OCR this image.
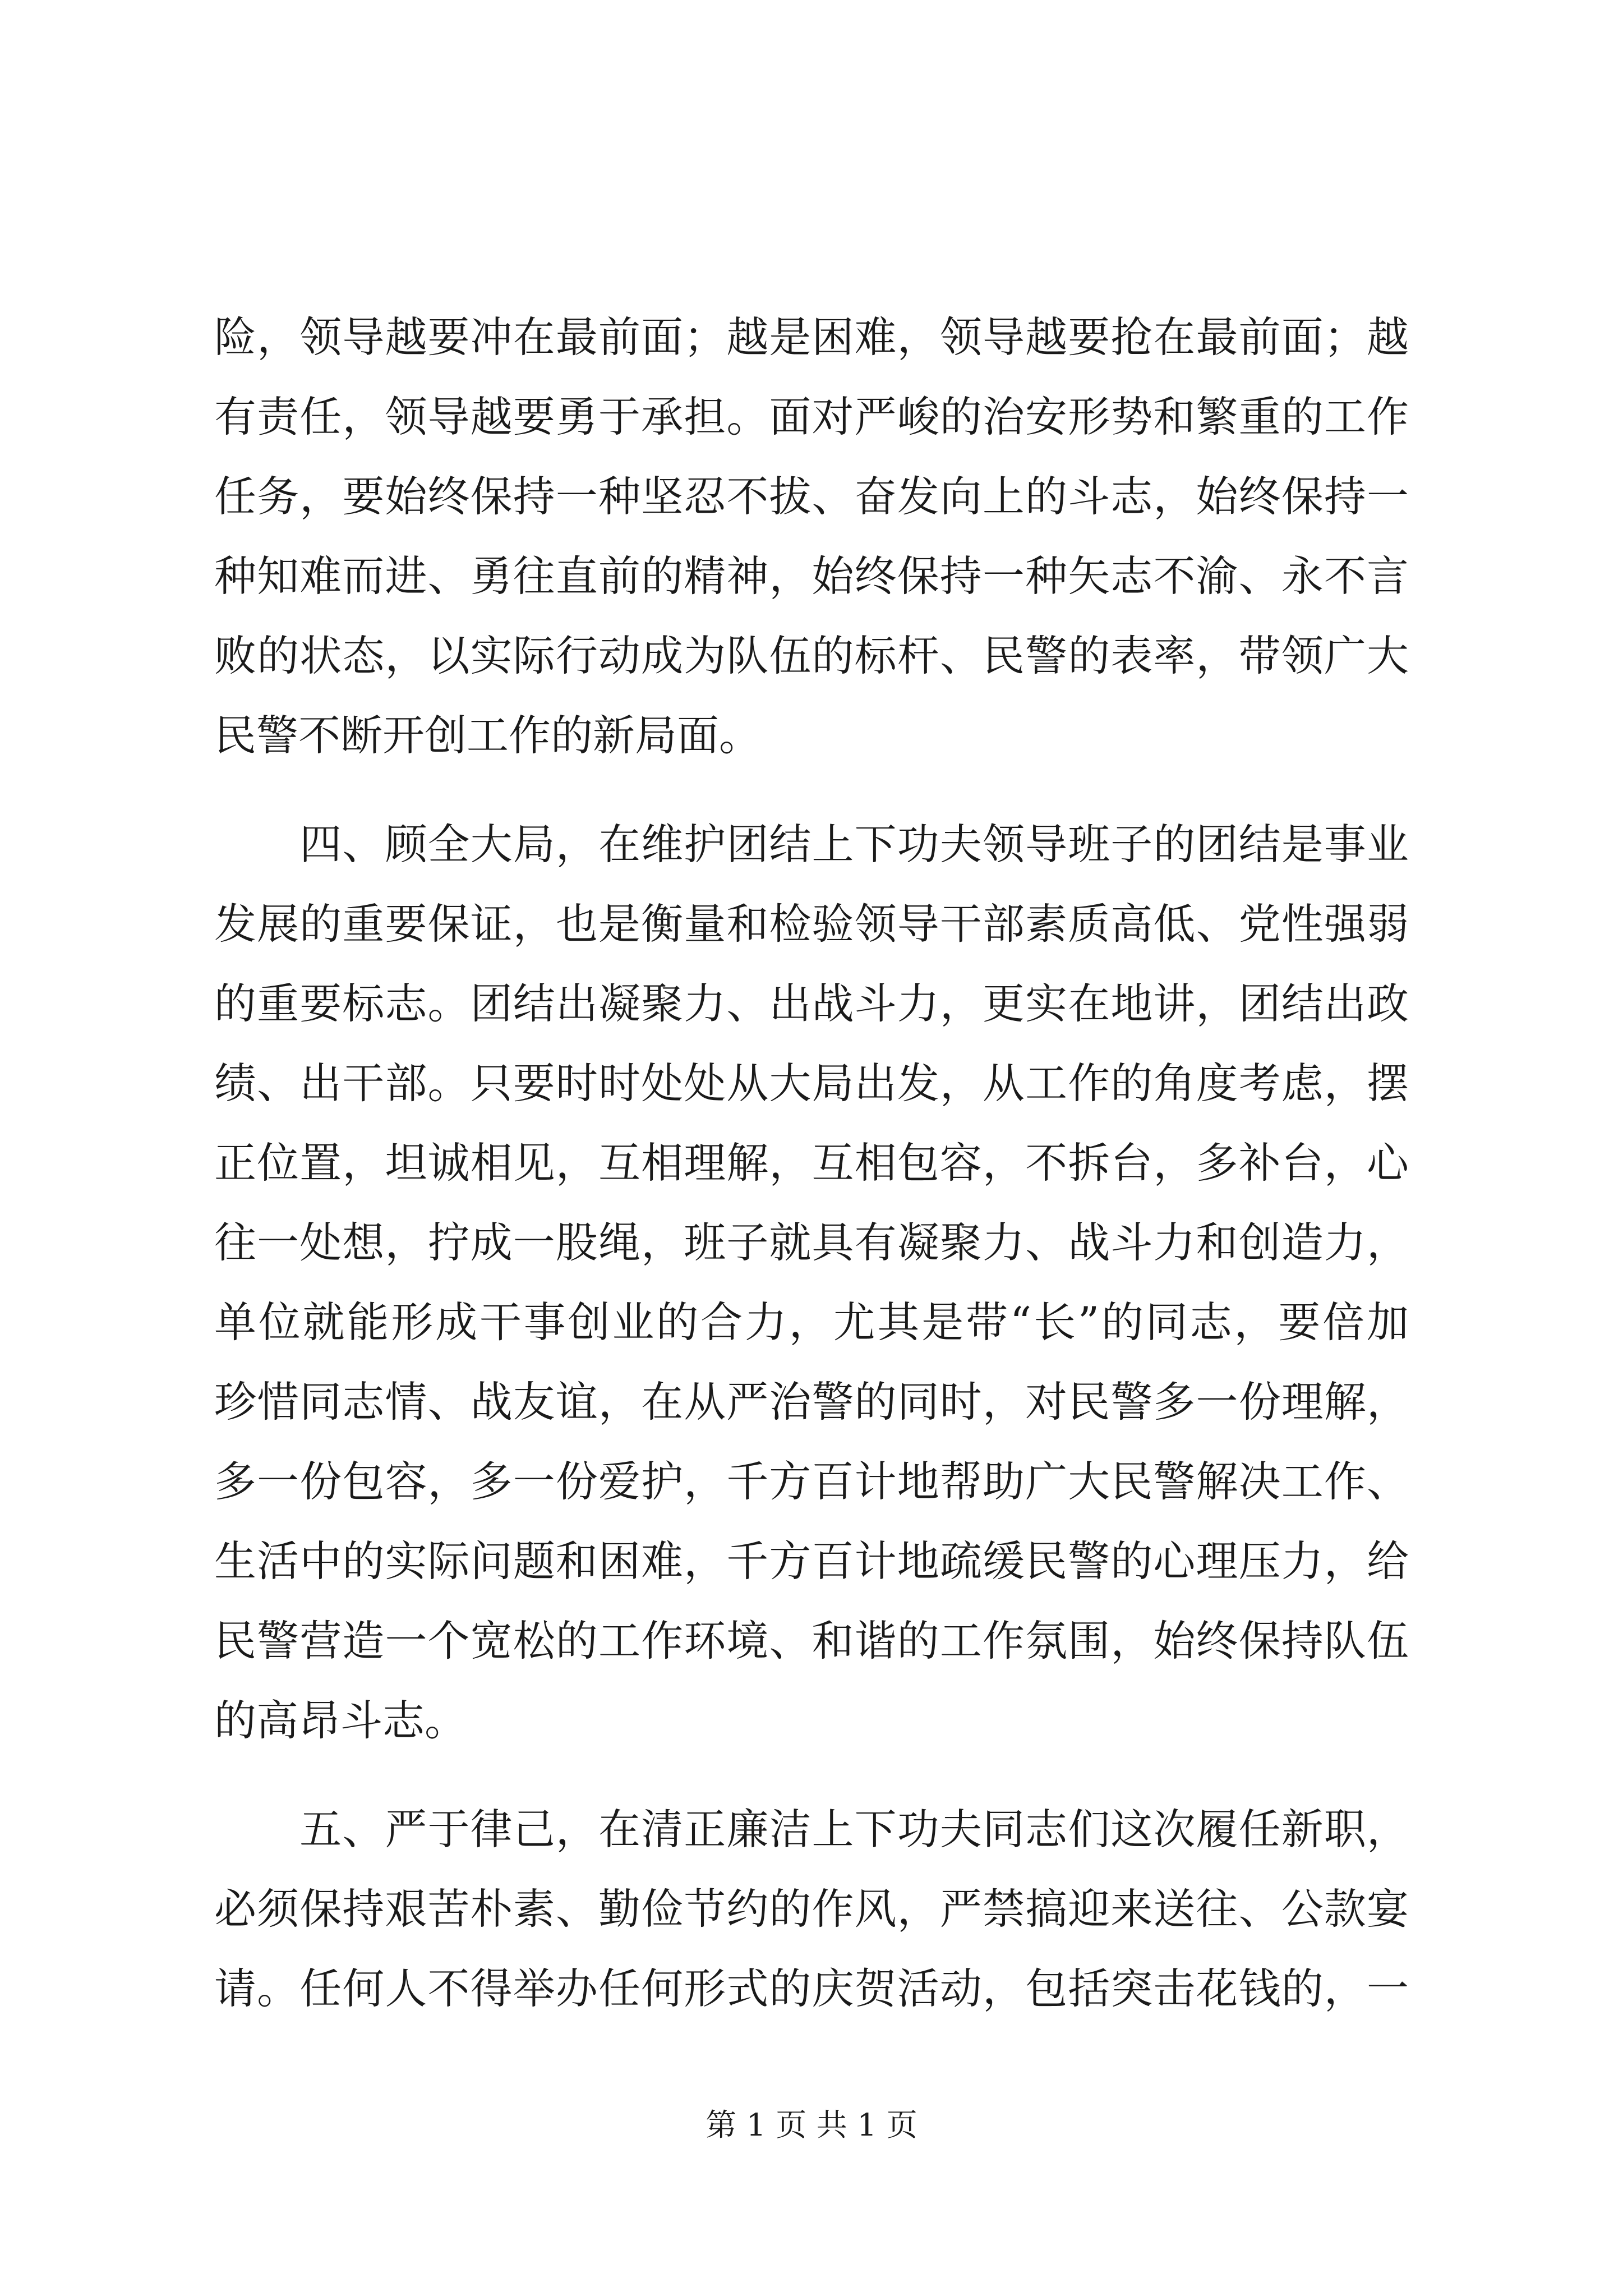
险，领导越要冲在最前面；越是困难，领导越要抢在最前面；越
有责任，领导越要勇于承担。面对严峻的治安形势和繁重的工作
任务，要始终保持一种坚忍不拔、奋发向上的斗志，始终保持一
种知难而进、勇往直前的精神，始终保持一种矢志不渝、永不言
败的状态，以实际行动成为队伍的标杆、民警的表率，带领广大
民警不断开创工作的新局面。
　　四、顾全大局，在维护团结上下功夫领导班子的团结是事业
发展的重要保证，也是衡量和检验领导干部素质高低、党性强弱
的重要标志。团结出凝聚力、出战斗力，更实在地讲，团结出政
绩、出干部。只要时时处处从大局出发，从工作的角度考虑，摆
正位置，坦诚相见，互相理解，互相包容，不拆台，多补台，心
往一处想，拧成一股绳，班子就具有凝聚力、战斗力和创造力，
单位就能形成干事创业的合力，尤其是带“长”的同志，要倍加
珍惜同志情、战友谊，在从严治警的同时，对民警多一份理解，
多一份包容，多一份爱护，千方百计地帮助广大民警解决工作、
生活中的实际问题和困难，千方百计地疏缓民警的心理压力，给
民警营造一个宽松的工作环境、和谐的工作氛围，始终保持队伍
的高昂斗志。
　　五、严于律己，在清正廉洁上下功夫同志们这次履任新职，
必须保持艰苦朴素、勤俭节约的作风，严禁搞迎来送往、公款宴
请。任何人不得举办任何形式的庆贺活动，包括突击花钱的，一
第 1 页 共 1 页
